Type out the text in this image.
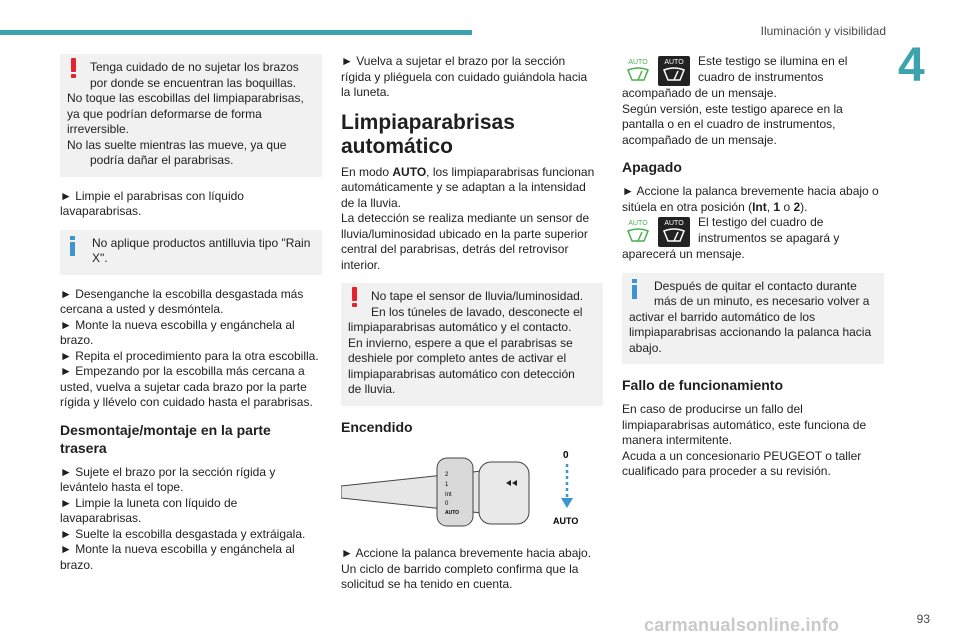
Iluminación y visibilidad
4

Tenga cuidado de no sujetar los brazos

por donde se encuentran las boquillas.

No toque las escobillas del limpiaparabrisas,

ya que podrían deformarse de forma

irreversible.

No las suelte mientras las mueve, ya que

podría dañar el parabrisas.

► Limpie el parabrisas con líquido

lavaparabrisas.

No aplique productos antilluvia tipo "Rain

X".

► Desenganche la escobilla desgastada más

cercana a usted y desmóntela.

► Monte la nueva escobilla y engánchela al

brazo.

► Repita el procedimiento para la otra escobilla.

► Empezando por la escobilla más cercana a

usted, vuelva a sujetar cada brazo por la parte

rígida y llévelo con cuidado hasta el parabrisas.

Desmontaje/montaje en la parte
trasera

► Sujete el brazo por la sección rígida y

levántelo hasta el tope.

► Limpie la luneta con líquido de

lavaparabrisas.

► Suelte la escobilla desgastada y extráigala.

► Monte la nueva escobilla y engánchela al

brazo.

► Vuelva a sujetar el brazo por la sección

rígida y pliéguela con cuidado guiándola hacia

la luneta.

Limpiaparabrisas
automático

En modo AUTO, los limpiaparabrisas funcionan

automáticamente y se adaptan a la intensidad

de la lluvia.

La detección se realiza mediante un sensor de

lluvia/luminosidad ubicado en la parte superior

central del parabrisas, detrás del retrovisor

interior.

No tape el sensor de lluvia/luminosidad.

En los túneles de lavado, desconecte el

limpiaparabrisas automático y el contacto.

En invierno, espere a que el parabrisas se

deshiele por completo antes de activar el

limpiaparabrisas automático con detección

de lluvia.

Encendido
2
1
Int
0
AUTO
0
AUTO

► Accione la palanca brevemente hacia abajo.

Un ciclo de barrido completo confirma que la

solicitud se ha tenido en cuenta.

AUTO AUTO Este testigo se ilumina en el

cuadro de instrumentos

acompañado de un mensaje.

Según versión, este testigo aparece en la

pantalla o en el cuadro de instrumentos,

acompañado de un mensaje.

Apagado

► Accione la palanca brevemente hacia abajo o

sitúela en otra posición (Int, 1 o 2).

AUTO AUTO El testigo del cuadro de

instrumentos se apagará y

aparecerá un mensaje.

Después de quitar el contacto durante

más de un minuto, es necesario volver a

activar el barrido automático de los

limpiaparabrisas accionando la palanca hacia

abajo.

Fallo de funcionamiento

En caso de producirse un fallo del

limpiaparabrisas automático, este funciona de

manera intermitente.

Acuda a un concesionario PEUGEOT o taller

cualificado para proceder a su revisión.

93
carmanualsonline.info
